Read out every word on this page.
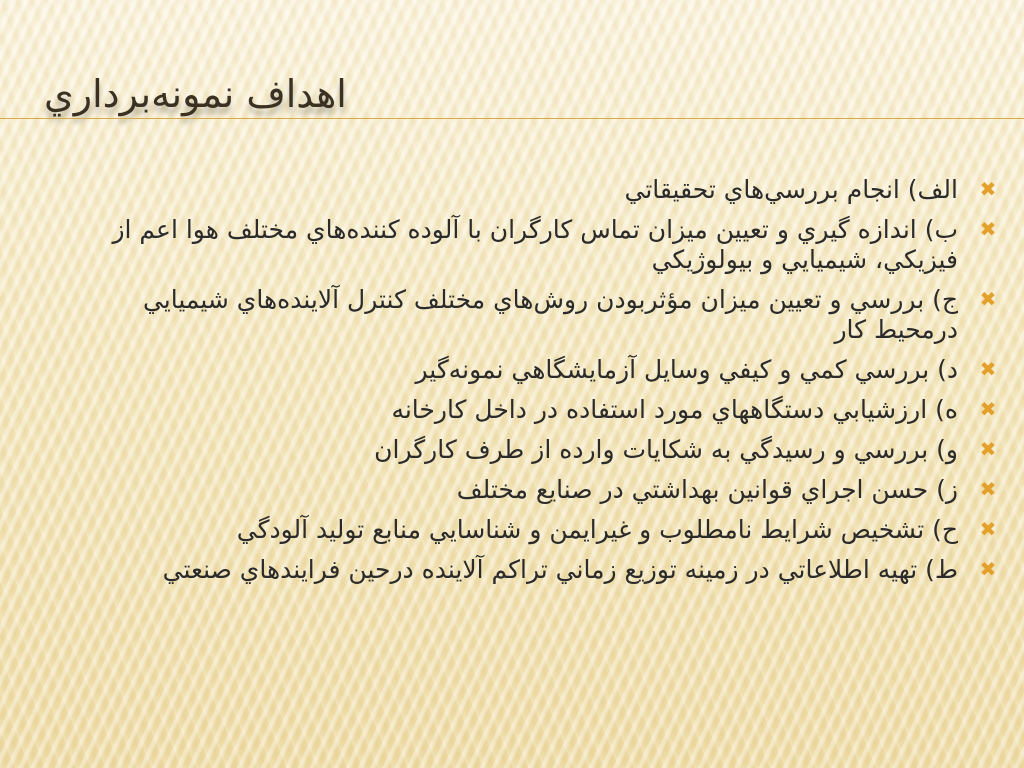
اهداف نمونه‌برداري
✖
الف) انجام بررسي‌هاي تحقيقاتي
✖
ب) اندازه گيري و تعيين ميزان تماس كارگران با آلوده كننده‌هاي مختلف هوا اعم از فيزيكي، شيميايي و بيولوژيكي
✖
ج) بررسي و تعيين ميزان مؤثربودن روش‌هاي مختلف كنترل آلاينده‌هاي شيميايي درمحيط كار
✖
د) بررسي كمي و كيفي وسايل آزمايشگاهي نمونه‌گير
✖
ه) ارزشيابي دستگاههاي مورد استفاده در داخل كارخانه
✖
و) بررسي و رسيدگي به شكايات وارده از طرف كارگران
✖
ز) حسن اجراي قوانين بهداشتي در صنايع مختلف
✖
ح) تشخيص شرايط نامطلوب و غيرايمن و شناسايي منابع توليد آلودگي
✖
ط) تهيه اطلاعاتي در زمينه توزيع زماني تراكم آلاينده درحين فرايندهاي صنعتي
